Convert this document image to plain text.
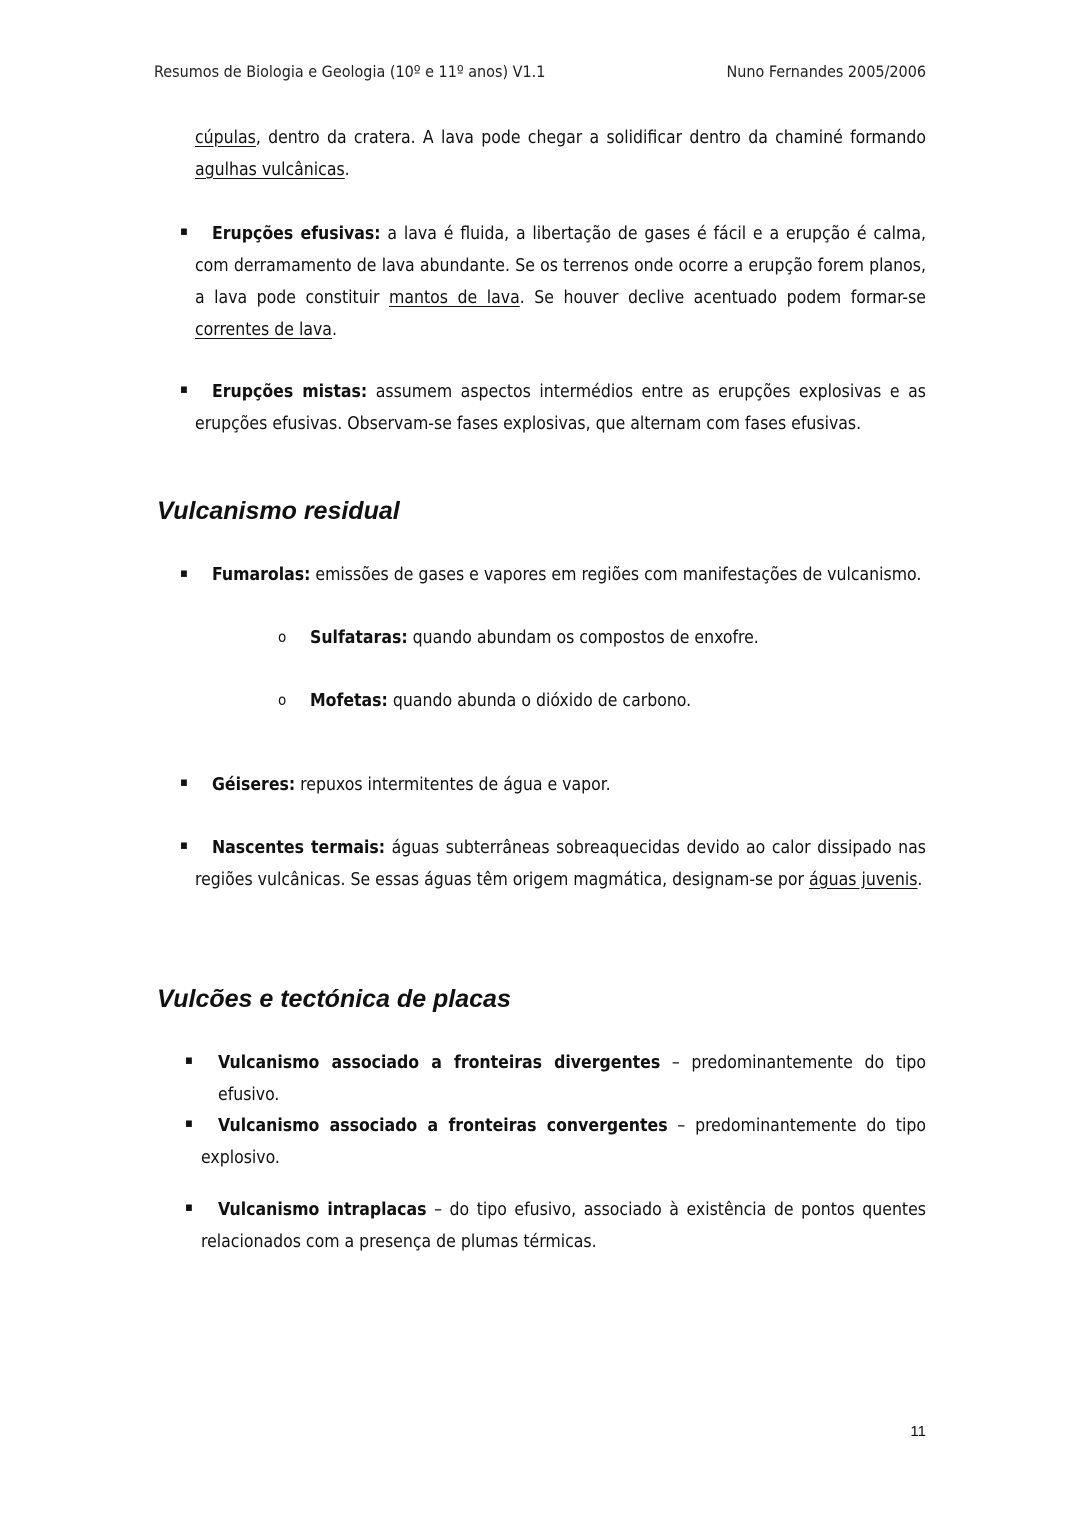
Resumos de Biologia e Geologia (10º e 11º anos) V1.1	Nuno Fernandes 2005/2006
cúpulas, dentro da cratera. A lava pode chegar a solidificar dentro da chaminé formando agulhas vulcânicas.
▪	Erupções efusivas: a lava é fluida, a libertação de gases é fácil e a erupção é calma, com derramamento de lava abundante. Se os terrenos onde ocorre a erupção forem planos, a lava pode constituir mantos de lava. Se houver declive acentuado podem formar-se correntes de lava.
▪	Erupções mistas: assumem aspectos intermédios entre as erupções explosivas e as erupções efusivas. Observam-se fases explosivas, que alternam com fases efusivas.
Vulcanismo residual
▪ Fumarolas: emissões de gases e vapores em regiões com manifestações de vulcanismo.
o Sulfataras: quando abundam os compostos de enxofre.
o Mofetas: quando abunda o dióxido de carbono.
▪ Géiseres: repuxos intermitentes de água e vapor.
▪	Nascentes termais: águas subterrâneas sobreaquecidas devido ao calor dissipado nas regiões vulcânicas. Se essas águas têm origem magmática, designam-se por águas juvenis.
Vulcões e tectónica de placas
▪ Vulcanismo associado a fronteiras divergentes – predominantemente do tipo efusivo.
▪	Vulcanismo associado a fronteiras convergentes – predominantemente do tipo explosivo.
▪	Vulcanismo intraplacas – do tipo efusivo, associado à existência de pontos quentes relacionados com a presença de plumas térmicas.
11
